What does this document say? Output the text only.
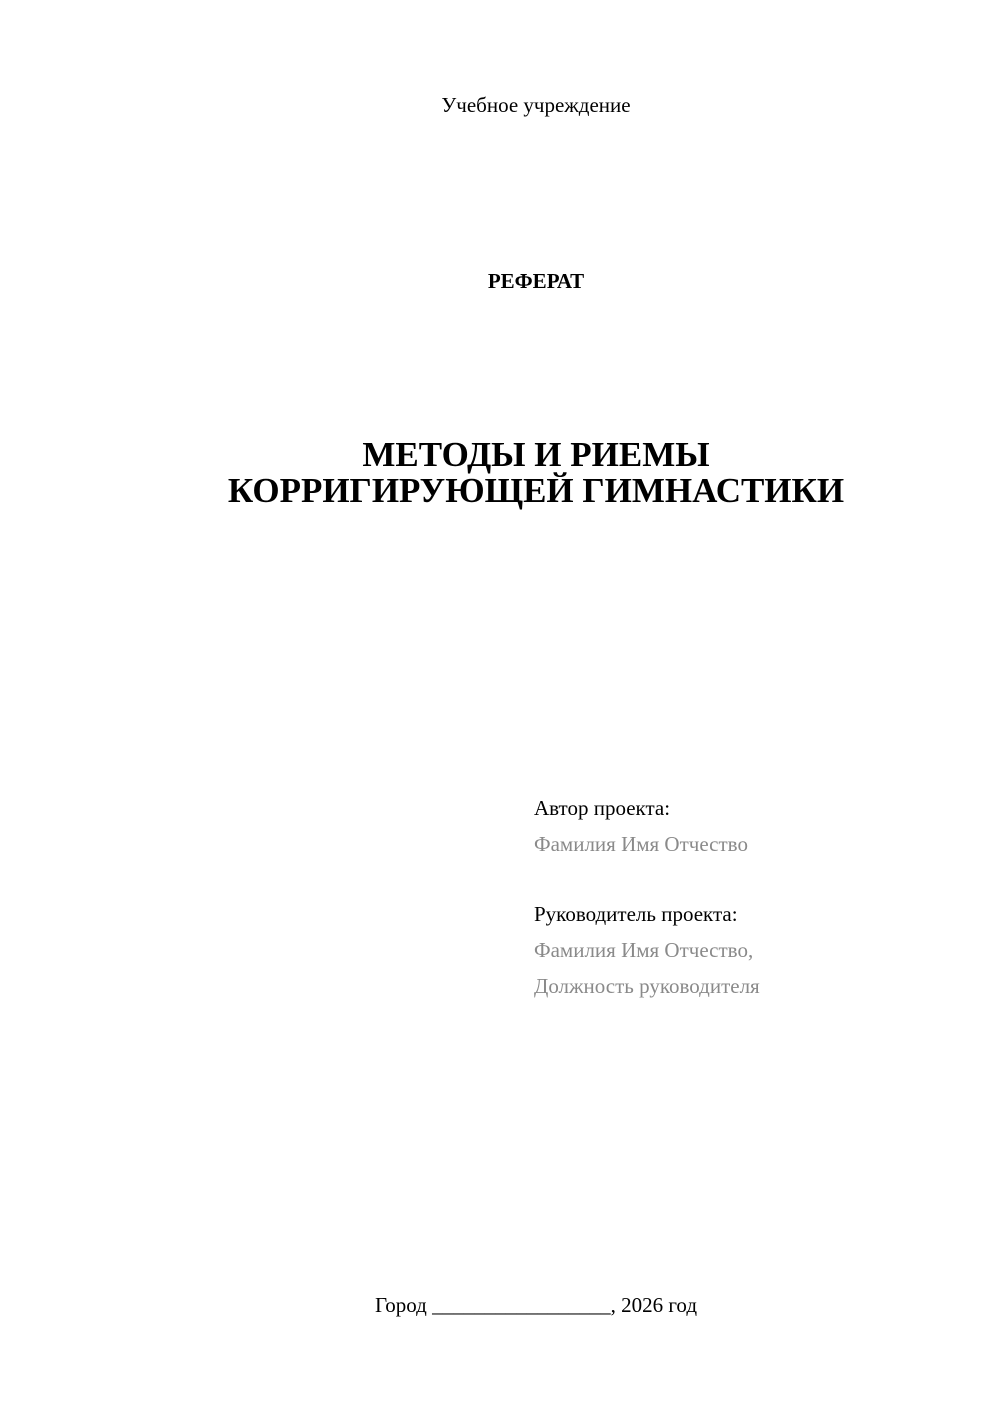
Учебное учреждение
РЕФЕРАТ
МЕТОДЫ И РИЕМЫ
КОРРИГИРУЮЩЕЙ ГИМНАСТИКИ
Автор проекта:
Фамилия Имя Отчество
Руководитель проекта:
Фамилия Имя Отчество,
Должность руководителя
Город _________________, 2026 год
